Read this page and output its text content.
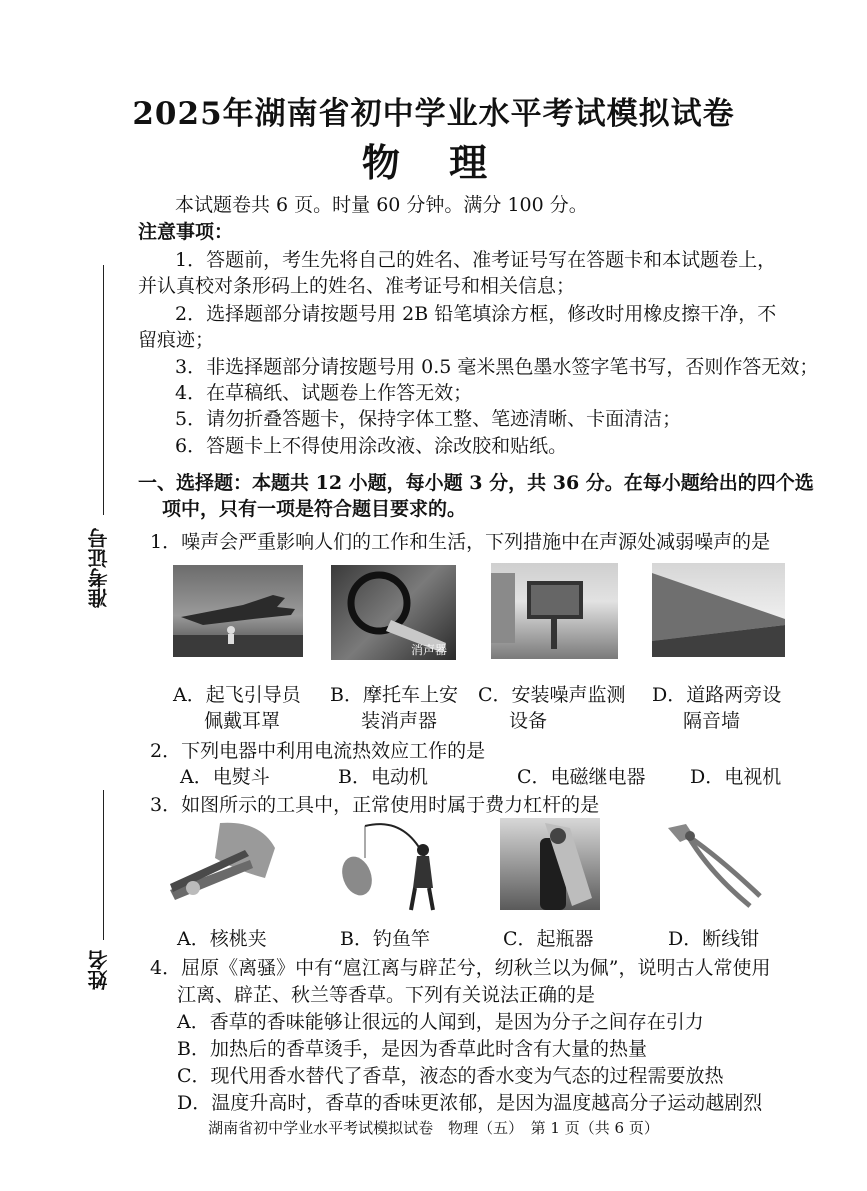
2025年湖南省初中学业水平考试模拟试卷
物 理
本试题卷共 6 页。时量 60 分钟。满分 100 分。
注意事项：
1．答题前，考生先将自己的姓名、准考证号写在答题卡和本试题卷上，
并认真校对条形码上的姓名、准考证号和相关信息；
2．选择题部分请按题号用 2B 铅笔填涂方框，修改时用橡皮擦干净，不
留痕迹；
3．非选择题部分请按题号用 0.5 毫米黑色墨水签字笔书写，否则作答无效；
4．在草稿纸、试题卷上作答无效；
5．请勿折叠答题卡，保持字体工整、笔迹清晰、卡面清洁；
6．答题卡上不得使用涂改液、涂改胶和贴纸。
一、选择题：本题共 12 小题，每小题 3 分，共 36 分。在每小题给出的四个选
项中，只有一项是符合题目要求的。
准考证号
姓名
1．噪声会严重影响人们的工作和生活，下列措施中在声源处减弱噪声的是
消声器
A．起飞引导员
佩戴耳罩
B．摩托车上安
装消声器
C．安装噪声监测
设备
D．道路两旁设
隔音墙
2．下列电器中利用电流热效应工作的是
A．电熨斗	B．电动机	C．电磁继电器 D．电视机
3．如图所示的工具中，正常使用时属于费力杠杆的是
A．核桃夹	B．钓鱼竿	C．起瓶器	D．断线钳
4．屈原《离骚》中有“扈江离与辟芷兮，纫秋兰以为佩”，说明古人常使用
江离、辟芷、秋兰等香草。下列有关说法正确的是
A．香草的香味能够让很远的人闻到，是因为分子之间存在引力
B．加热后的香草烫手，是因为香草此时含有大量的热量
C．现代用香水替代了香草，液态的香水变为气态的过程需要放热
D．温度升高时，香草的香味更浓郁，是因为温度越高分子运动越剧烈
湖南省初中学业水平考试模拟试卷　物理（五）　第 1 页（共 6 页）
